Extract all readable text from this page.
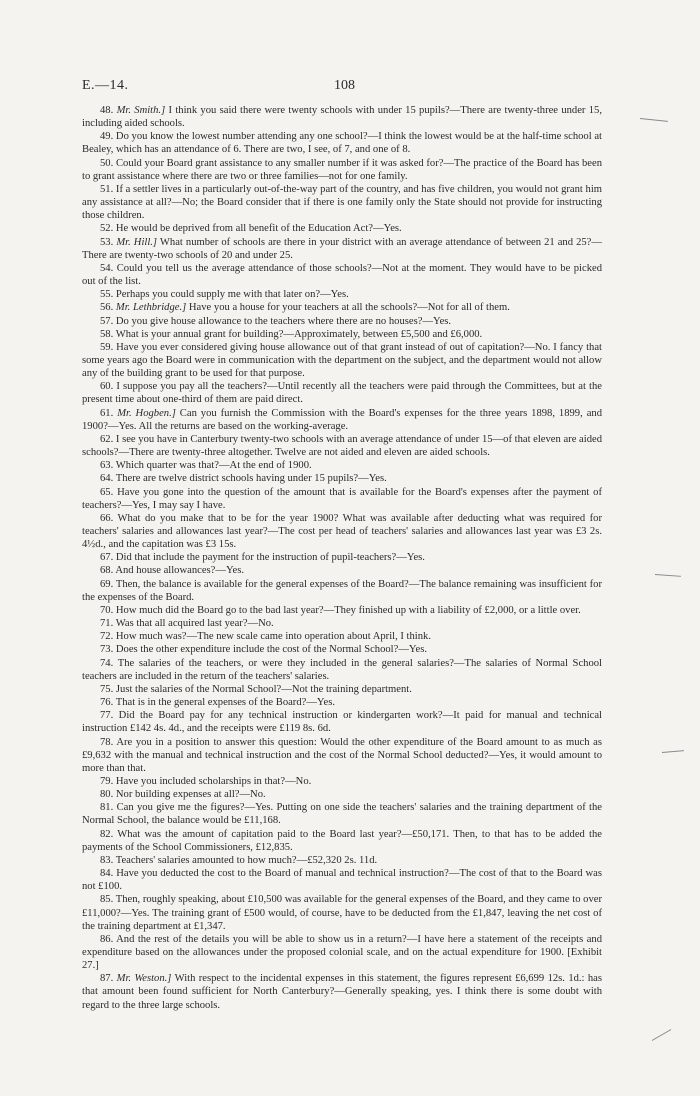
E.—14.	108

48. Mr. Smith.] I think you said there were twenty schools with under 15 pupils?—There are twenty-three under 15, including aided schools.

49. Do you know the lowest number attending any one school?—I think the lowest would be at the half-time school at Bealey, which has an attendance of 6. There are two, I see, of 7, and one of 8.

50. Could your Board grant assistance to any smaller number if it was asked for?—The practice of the Board has been to grant assistance where there are two or three families—not for one family.

51. If a settler lives in a particularly out-of-the-way part of the country, and has five children, you would not grant him any assistance at all?—No; the Board consider that if there is one family only the State should not provide for instructing those children.

52. He would be deprived from all benefit of the Education Act?—Yes.

53. Mr. Hill.] What number of schools are there in your district with an average attendance of between 21 and 25?—There are twenty-two schools of 20 and under 25.

54. Could you tell us the average attendance of those schools?—Not at the moment. They would have to be picked out of the list.

55. Perhaps you could supply me with that later on?—Yes.

56. Mr. Lethbridge.] Have you a house for your teachers at all the schools?—Not for all of them.

57. Do you give house allowance to the teachers where there are no houses?—Yes.

58. What is your annual grant for building?—Approximately, between £5,500 and £6,000.

59. Have you ever considered giving house allowance out of that grant instead of out of capitation?—No. I fancy that some years ago the Board were in communication with the department on the subject, and the department would not allow any of the building grant to be used for that purpose.

60. I suppose you pay all the teachers?—Until recently all the teachers were paid through the Committees, but at the present time about one-third of them are paid direct.

61. Mr. Hogben.] Can you furnish the Commission with the Board's expenses for the three years 1898, 1899, and 1900?—Yes. All the returns are based on the working-average.

62. I see you have in Canterbury twenty-two schools with an average attendance of under 15—of that eleven are aided schools?—There are twenty-three altogether. Twelve are not aided and eleven are aided schools.

63. Which quarter was that?—At the end of 1900.

64. There are twelve district schools having under 15 pupils?—Yes.

65. Have you gone into the question of the amount that is available for the Board's expenses after the payment of teachers?—Yes, I may say I have.

66. What do you make that to be for the year 1900? What was available after deducting what was required for teachers' salaries and allowances last year?—The cost per head of teachers' salaries and allowances last year was £3 2s. 4½d., and the capitation was £3 15s.

67. Did that include the payment for the instruction of pupil-teachers?—Yes.

68. And house allowances?—Yes.

69. Then, the balance is available for the general expenses of the Board?—The balance remaining was insufficient for the expenses of the Board.

70. How much did the Board go to the bad last year?—They finished up with a liability of £2,000, or a little over.

71. Was that all acquired last year?—No.

72. How much was?—The new scale came into operation about April, I think.

73. Does the other expenditure include the cost of the Normal School?—Yes.

74. The salaries of the teachers, or were they included in the general salaries?—The salaries of Normal School teachers are included in the return of the teachers' salaries.

75. Just the salaries of the Normal School?—Not the training department.

76. That is in the general expenses of the Board?—Yes.

77. Did the Board pay for any technical instruction or kindergarten work?—It paid for manual and technical instruction £142 4s. 4d., and the receipts were £119 8s. 6d.

78. Are you in a position to answer this question: Would the other expenditure of the Board amount to as much as £9,632 with the manual and technical instruction and the cost of the Normal School deducted?—Yes, it would amount to more than that.

79. Have you included scholarships in that?—No.

80. Nor building expenses at all?—No.

81. Can you give me the figures?—Yes. Putting on one side the teachers' salaries and the training department of the Normal School, the balance would be £11,168.

82. What was the amount of capitation paid to the Board last year?—£50,171. Then, to that has to be added the payments of the School Commissioners, £12,835.

83. Teachers' salaries amounted to how much?—£52,320 2s. 11d.

84. Have you deducted the cost to the Board of manual and technical instruction?—The cost of that to the Board was not £100.

85. Then, roughly speaking, about £10,500 was available for the general expenses of the Board, and they came to over £11,000?—Yes. The training grant of £500 would, of course, have to be deducted from the £1,847, leaving the net cost of the training department at £1,347.

86. And the rest of the details you will be able to show us in a return?—I have here a statement of the receipts and expenditure based on the allowances under the proposed colonial scale, and on the actual expenditure for 1900. [Exhibit 27.]

87. Mr. Weston.] With respect to the incidental expenses in this statement, the figures represent £6,699 12s. 1d.: has that amount been found sufficient for North Canterbury?—Generally speaking, yes. I think there is some doubt with regard to the three large schools.
